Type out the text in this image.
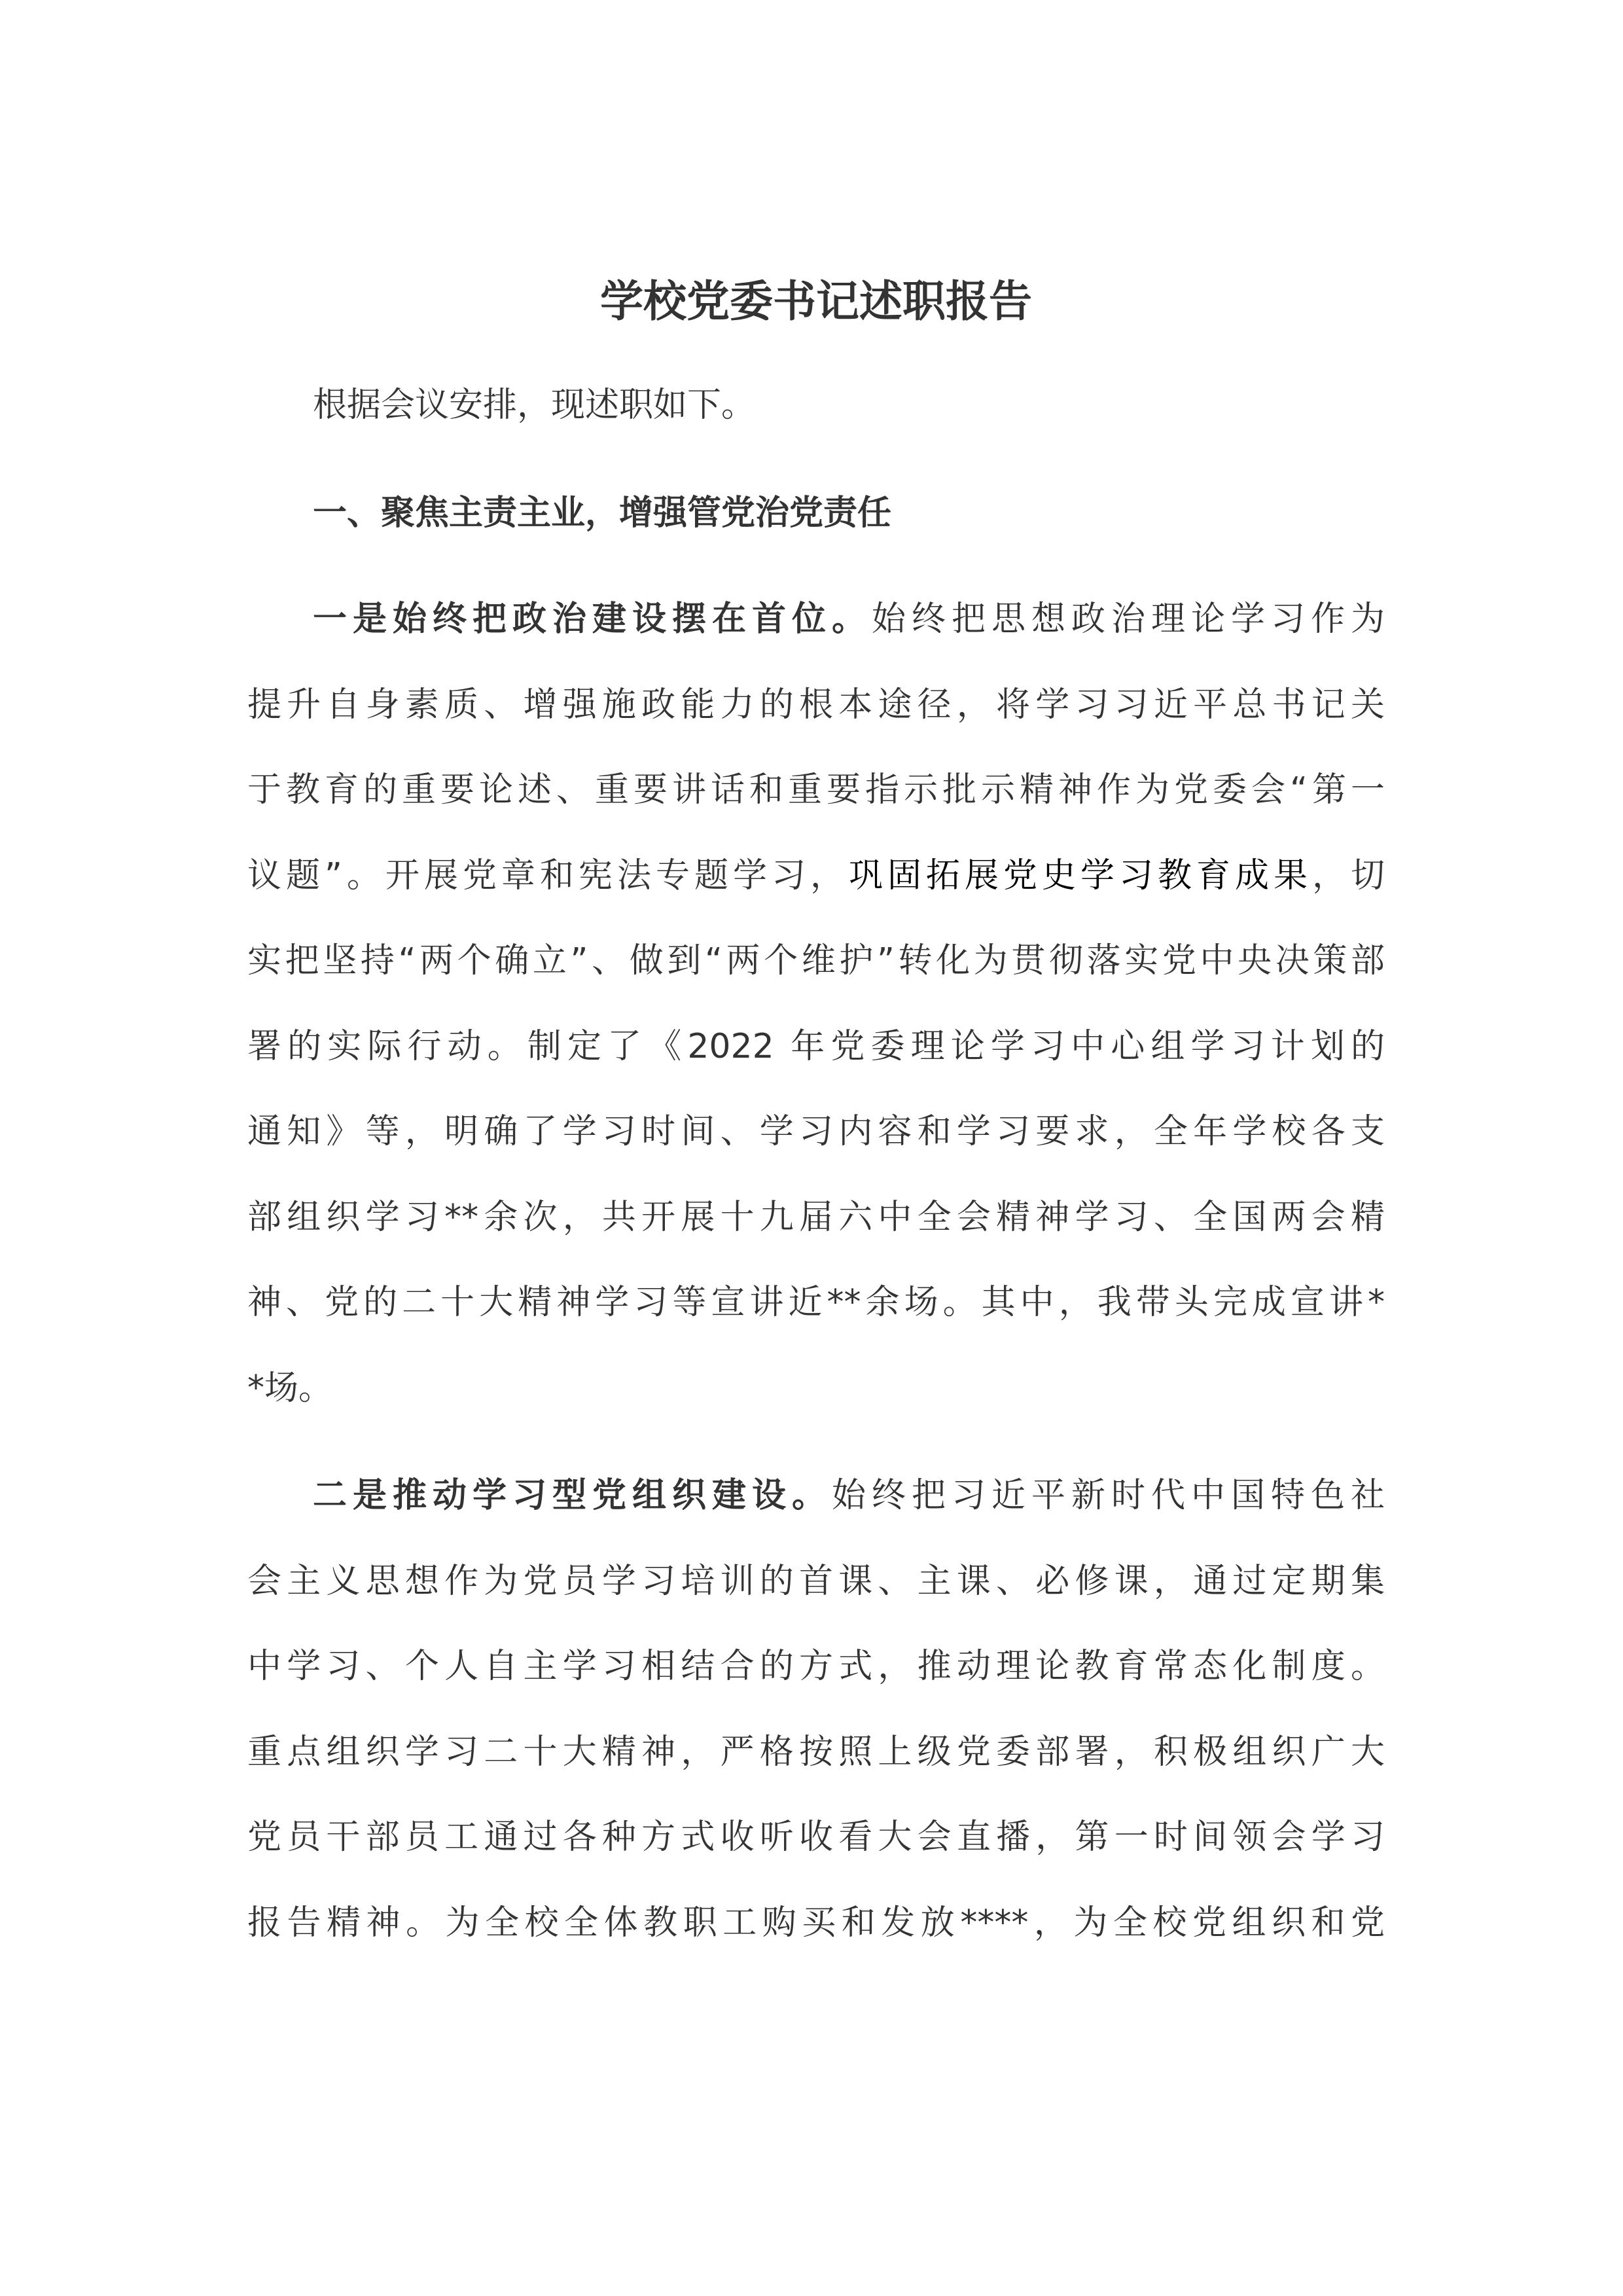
学校党委书记述职报告

根据会议安排，现述职如下。

一、聚焦主责主业，增强管党治党责任
一是始终把政治建设摆在首位。始终把思想政治理论学习作为
提升自身素质、增强施政能力的根本途径，将学习习近平总书记关
于教育的重要论述、重要讲话和重要指示批示精神作为党委会“第一
议题”。开展党章和宪法专题学习，巩固拓展党史学习教育成果，切
实把坚持“两个确立”、做到“两个维护”转化为贯彻落实党中央决策部
署的实际行动。制定了《2022 年党委理论学习中心组学习计划的
通知》等，明确了学习时间、学习内容和学习要求，全年学校各支
部组织学习**余次，共开展十九届六中全会精神学习、全国两会精
神、党的二十大精神学习等宣讲近**余场。其中，我带头完成宣讲*
*场。
二是推动学习型党组织建设。始终把习近平新时代中国特色社
会主义思想作为党员学习培训的首课、主课、必修课，通过定期集
中学习、个人自主学习相结合的方式，推动理论教育常态化制度。
重点组织学习二十大精神，严格按照上级党委部署，积极组织广大
党员干部员工通过各种方式收听收看大会直播，第一时间领会学习
报告精神。为全校全体教职工购买和发放****，为全校党组织和党
